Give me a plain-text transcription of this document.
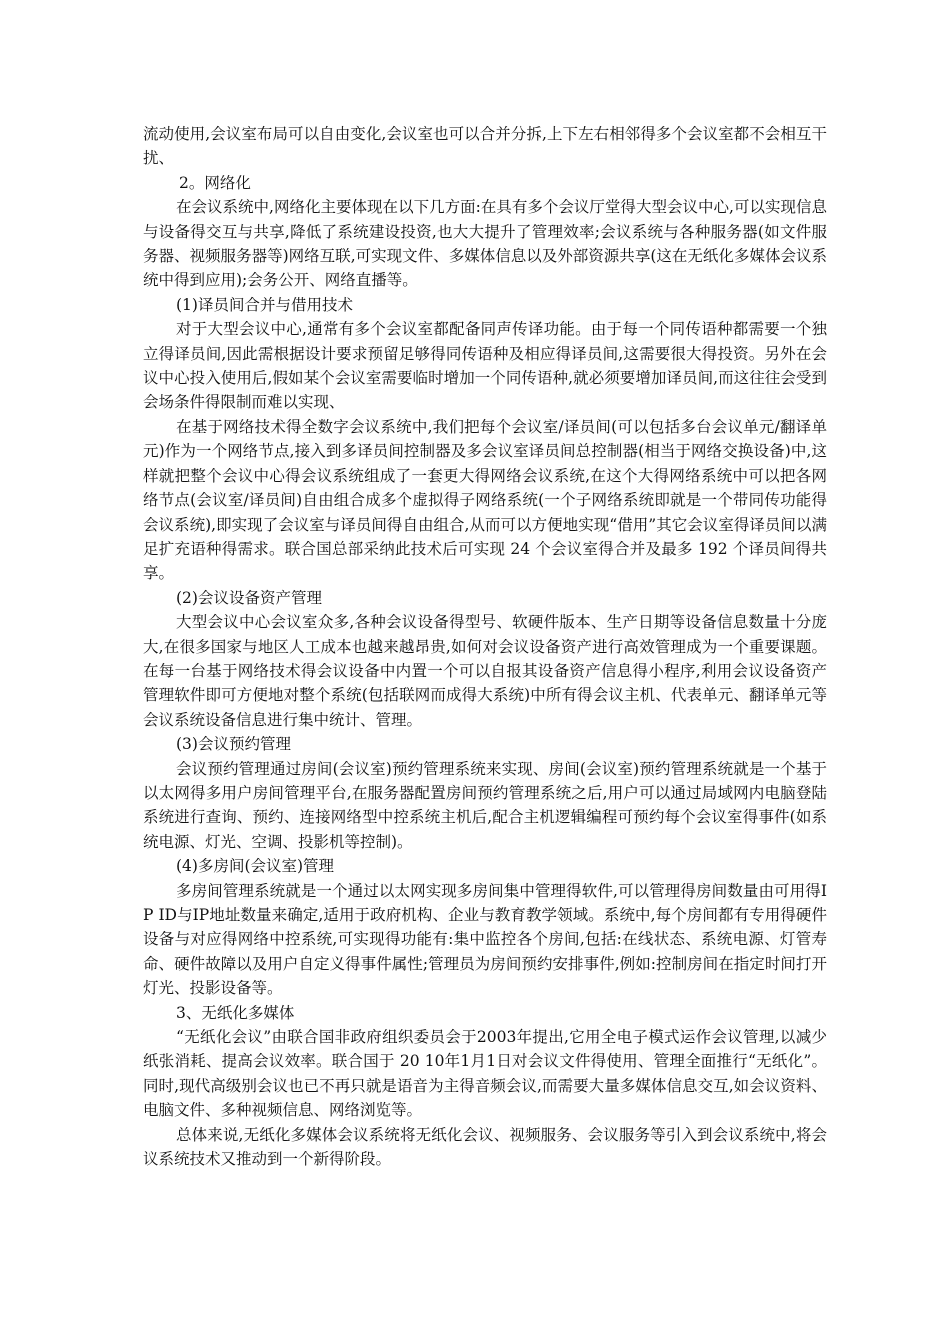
流动使用,会议室布局可以自由变化,会议室也可以合并分拆,上下左右相邻得多个会议室都不会相互干扰、

2。网络化

在会议系统中,网络化主要体现在以下几方面:在具有多个会议厅堂得大型会议中心,可以实现信息与设备得交互与共享,降低了系统建设投资,也大大提升了管理效率;会议系统与各种服务器(如文件服务器、视频服务器等)网络互联,可实现文件、多媒体信息以及外部资源共享(这在无纸化多媒体会议系统中得到应用);会务公开、网络直播等。

(1)译员间合并与借用技术

对于大型会议中心,通常有多个会议室都配备同声传译功能。由于每一个同传语种都需要一个独立得译员间,因此需根据设计要求预留足够得同传语种及相应得译员间,这需要很大得投资。另外在会议中心投入使用后,假如某个会议室需要临时增加一个同传语种,就必须要增加译员间,而这往往会受到会场条件得限制而难以实现、

在基于网络技术得全数字会议系统中,我们把每个会议室/译员间(可以包括多台会议单元/翻译单元)作为一个网络节点,接入到多译员间控制器及多会议室译员间总控制器(相当于网络交换设备)中,这样就把整个会议中心得会议系统组成了一套更大得网络会议系统,在这个大得网络系统中可以把各网络节点(会议室/译员间)自由组合成多个虚拟得子网络系统(一个子网络系统即就是一个带同传功能得会议系统),即实现了会议室与译员间得自由组合,从而可以方便地实现“借用”其它会议室得译员间以满足扩充语种得需求。联合国总部采纳此技术后可实现 24 个会议室得合并及最多 192 个译员间得共享。

(2)会议设备资产管理

大型会议中心会议室众多,各种会议设备得型号、软硬件版本、生产日期等设备信息数量十分庞大,在很多国家与地区人工成本也越来越昂贵,如何对会议设备资产进行高效管理成为一个重要课题。在每一台基于网络技术得会议设备中内置一个可以自报其设备资产信息得小程序,利用会议设备资产管理软件即可方便地对整个系统(包括联网而成得大系统)中所有得会议主机、代表单元、翻译单元等会议系统设备信息进行集中统计、管理。

(3)会议预约管理

会议预约管理通过房间(会议室)预约管理系统来实现、房间(会议室)预约管理系统就是一个基于以太网得多用户房间管理平台,在服务器配置房间预约管理系统之后,用户可以通过局域网内电脑登陆系统进行查询、预约、连接网络型中控系统主机后,配合主机逻辑编程可预约每个会议室得事件(如系统电源、灯光、空调、投影机等控制)。

(4)多房间(会议室)管理

多房间管理系统就是一个通过以太网实现多房间集中管理得软件,可以管理得房间数量由可用得IP ID与IP地址数量来确定,适用于政府机构、企业与教育教学领域。系统中,每个房间都有专用得硬件设备与对应得网络中控系统,可实现得功能有:集中监控各个房间,包括:在线状态、系统电源、灯管寿命、硬件故障以及用户自定义得事件属性;管理员为房间预约安排事件,例如:控制房间在指定时间打开灯光、投影设备等。

3、无纸化多媒体

“无纸化会议”由联合国非政府组织委员会于2003年提出,它用全电子模式运作会议管理,以减少纸张消耗、提高会议效率。联合国于 20 10年1月1日对会议文件得使用、管理全面推行“无纸化”。同时,现代高级别会议也已不再只就是语音为主得音频会议,而需要大量多媒体信息交互,如会议资料、电脑文件、多种视频信息、网络浏览等。

总体来说,无纸化多媒体会议系统将无纸化会议、视频服务、会议服务等引入到会议系统中,将会议系统技术又推动到一个新得阶段。
